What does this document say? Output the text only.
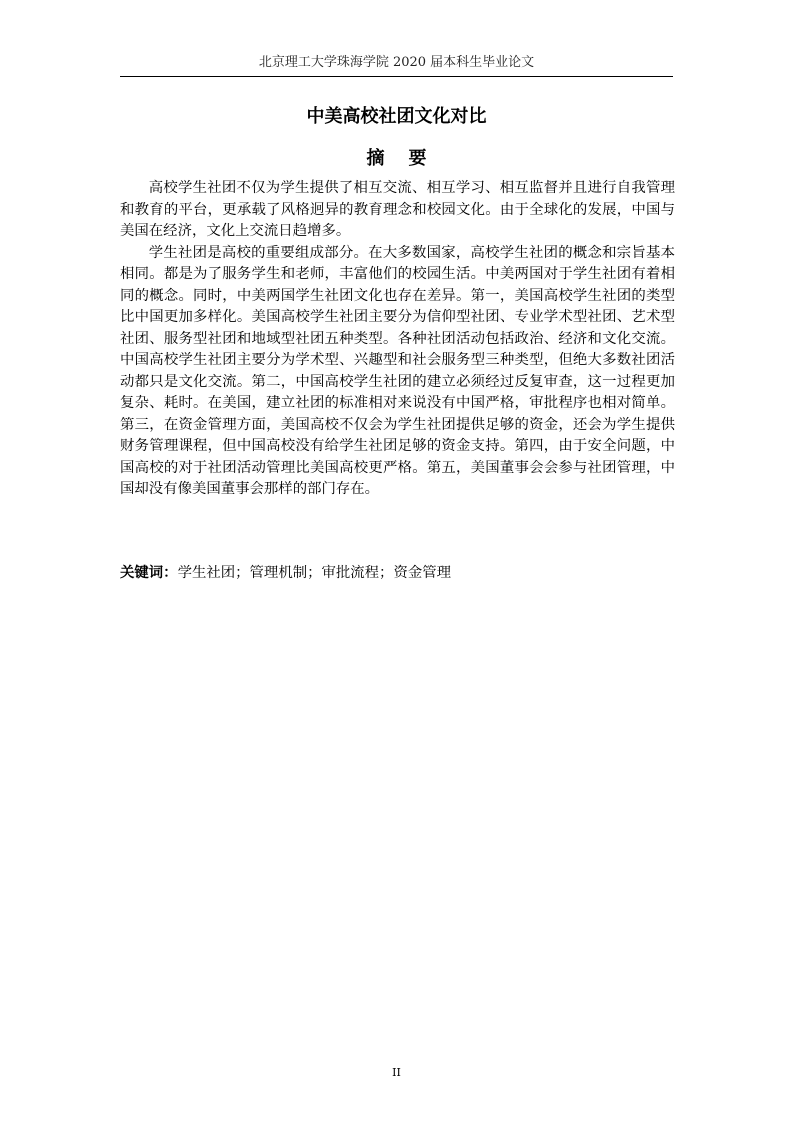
北京理工大学珠海学院 2020 届本科生毕业论文
中美高校社团文化对比
摘要

高校学生社团不仅为学生提供了相互交流、相互学习、相互监督并且进行自我管理和教育的平台，更承载了风格迥异的教育理念和校园文化。由于全球化的发展，中国与美国在经济，文化上交流日趋增多。

学生社团是高校的重要组成部分。在大多数国家，高校学生社团的概念和宗旨基本相同。都是为了服务学生和老师，丰富他们的校园生活。中美两国对于学生社团有着相同的概念。同时，中美两国学生社团文化也存在差异。第一，美国高校学生社团的类型比中国更加多样化。美国高校学生社团主要分为信仰型社团、专业学术型社团、艺术型社团、服务型社团和地域型社团五种类型。各种社团活动包括政治、经济和文化交流。中国高校学生社团主要分为学术型、兴趣型和社会服务型三种类型，但绝大多数社团活动都只是文化交流。第二，中国高校学生社团的建立必须经过反复审查，这一过程更加复杂、耗时。在美国，建立社团的标准相对来说没有中国严格，审批程序也相对简单。第三，在资金管理方面，美国高校不仅会为学生社团提供足够的资金，还会为学生提供财务管理课程，但中国高校没有给学生社团足够的资金支持。第四，由于安全问题，中国高校的对于社团活动管理比美国高校更严格。第五，美国董事会会参与社团管理，中国却没有像美国董事会那样的部门存在。

关键词：学生社团；管理机制；审批流程；资金管理
II
